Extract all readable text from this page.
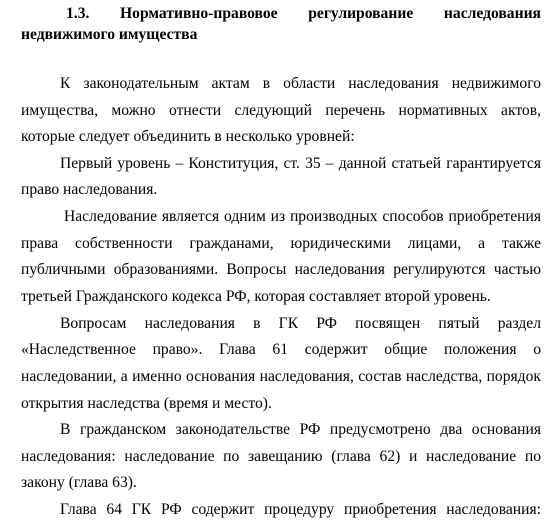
1.3. Нормативно-правовое регулирование наследования
недвижимого имущества
К законодательным актам в области наследования недвижимого
имущества, можно отнести следующий перечень нормативных актов,
которые следует объединить в несколько уровней:
Первый уровень – Конституция, ст. 35 – данной статьей гарантируется
право наследования.
Наследование является одним из производных способов приобретения
права собственности гражданами, юридическими лицами, а также
публичными образованиями. Вопросы наследования регулируются частью
третьей Гражданского кодекса РФ, которая составляет второй уровень.
Вопросам наследования в ГК РФ посвящен пятый раздел
«Наследственное право». Глава 61 содержит общие положения о
наследовании, а именно основания наследования, состав наследства, порядок
открытия наследства (время и место).
В гражданском законодательстве РФ предусмотрено два основания
наследования: наследование по завещанию (глава 62) и наследование по
закону (глава 63).
Глава 64 ГК РФ содержит процедуру приобретения наследования:
